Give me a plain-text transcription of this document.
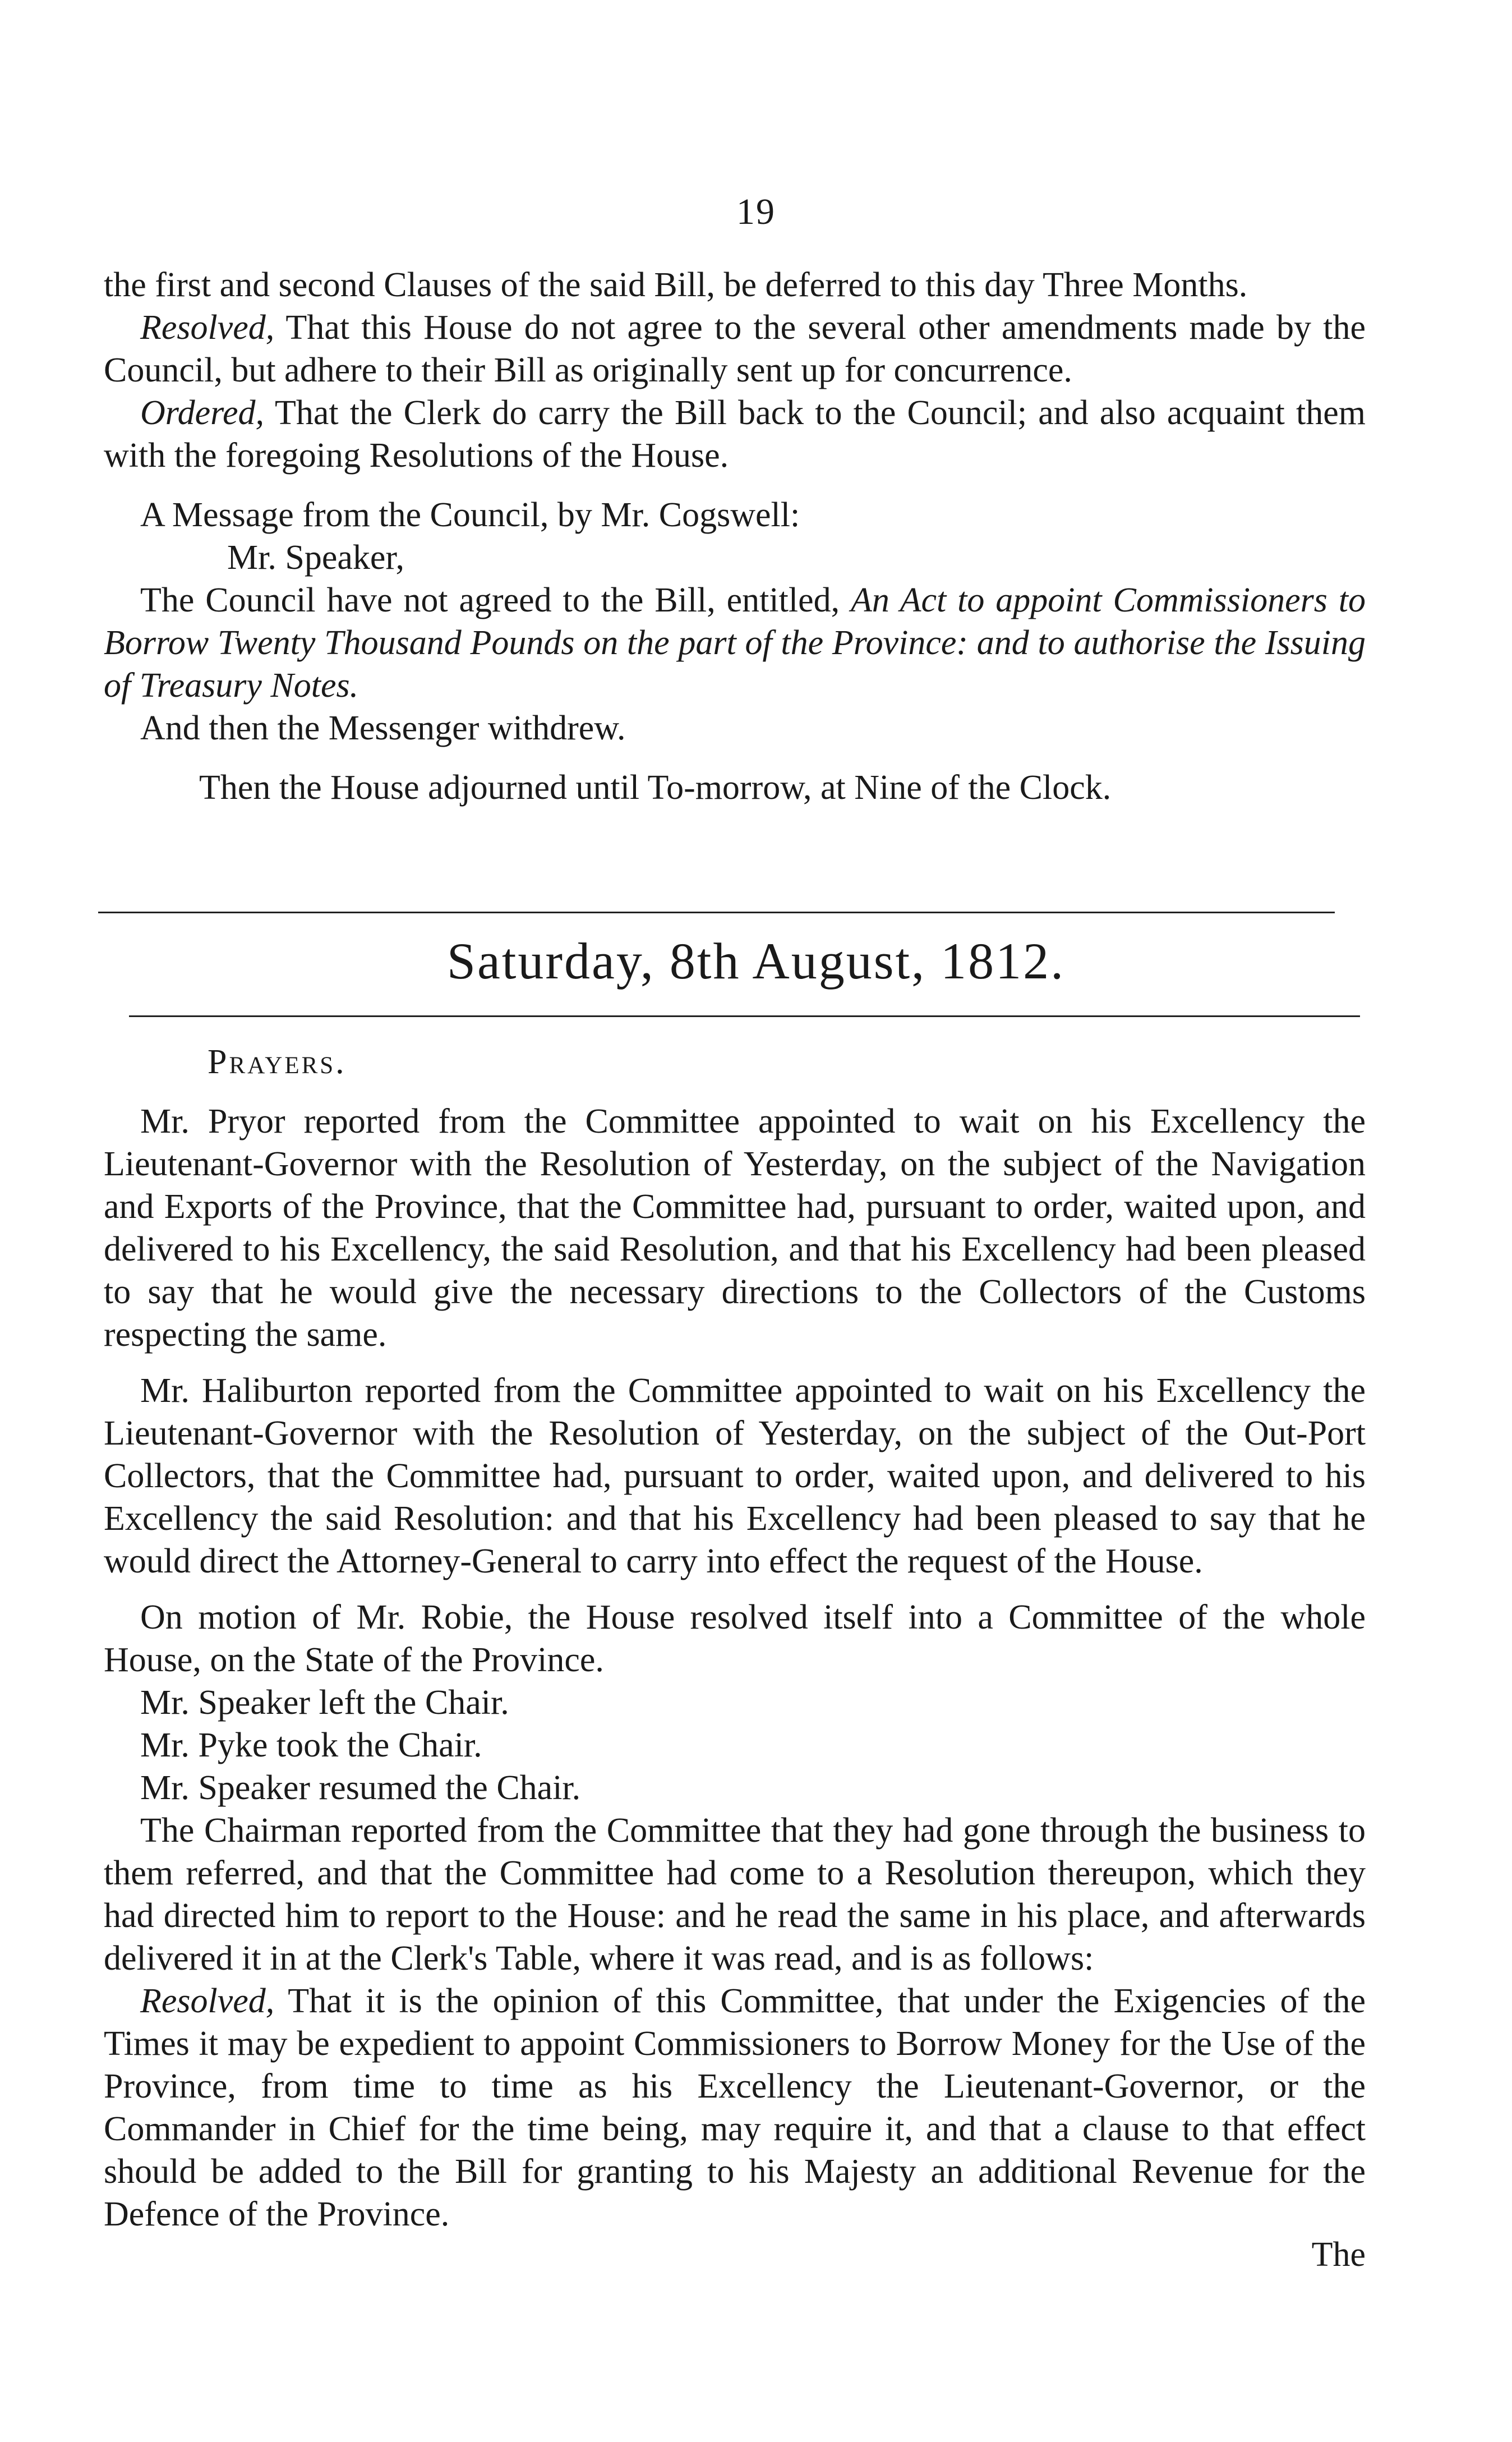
19

the first and second Clauses of the said Bill, be deferred to this day Three Months.

Resolved, That this House do not agree to the several other amendments made by the Council, but adhere to their Bill as originally sent up for concurrence.

Ordered, That the Clerk do carry the Bill back to the Council; and also acquaint them with the foregoing Resolutions of the House.

A Message from the Council, by Mr. Cogswell:

Mr. Speaker,

The Council have not agreed to the Bill, entitled, An Act to appoint Commissioners to Borrow Twenty Thousand Pounds on the part of the Province: and to authorise the Issuing of Treasury Notes.

And then the Messenger withdrew.

Then the House adjourned until To-morrow, at Nine of the Clock.

Saturday, 8th August, 1812.

Prayers.

Mr. Pryor reported from the Committee appointed to wait on his Excellency the Lieutenant-Governor with the Resolution of Yesterday, on the subject of the Navigation and Exports of the Province, that the Committee had, pursuant to order, waited upon, and delivered to his Excellency, the said Resolution, and that his Excellency had been pleased to say that he would give the necessary directions to the Collectors of the Customs respecting the same.

Mr. Haliburton reported from the Committee appointed to wait on his Excellency the Lieutenant-Governor with the Resolution of Yesterday, on the subject of the Out-Port Collectors, that the Committee had, pursuant to order, waited upon, and delivered to his Excellency the said Resolution: and that his Excellency had been pleased to say that he would direct the Attorney-General to carry into effect the request of the House.

On motion of Mr. Robie, the House resolved itself into a Committee of the whole House, on the State of the Province.

Mr. Speaker left the Chair.

Mr. Pyke took the Chair.

Mr. Speaker resumed the Chair.

The Chairman reported from the Committee that they had gone through the business to them referred, and that the Committee had come to a Resolution thereupon, which they had directed him to report to the House: and he read the same in his place, and afterwards delivered it in at the Clerk's Table, where it was read, and is as follows:

Resolved, That it is the opinion of this Committee, that under the Exigencies of the Times it may be expedient to appoint Commissioners to Borrow Money for the Use of the Province, from time to time as his Excellency the Lieutenant-Governor, or the Commander in Chief for the time being, may require it, and that a clause to that effect should be added to the Bill for granting to his Majesty an additional Revenue for the Defence of the Province.

The
